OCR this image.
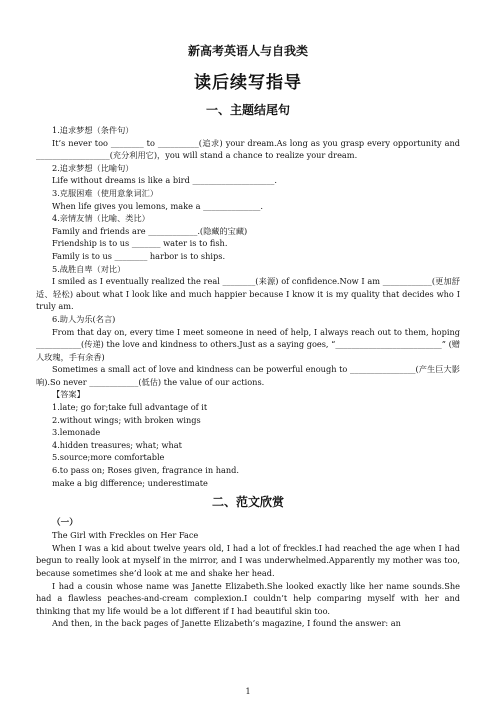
新高考英语人与自我类
读后续写指导
一、主题结尾句

1.追求梦想（条件句）

It’s never too ________ to __________(追求) your dream.As long as you grasp every opportunity and __________________(充分利用它)，you will stand a chance to realize your dream.

2.追求梦想（比喻句）

Life without dreams is like a bird ____________________.

3.克服困难（使用意象词汇）

When life gives you lemons, make a ______________.

4.亲情友情（比喻、类比）

Family and friends are ____________.(隐藏的宝藏)

Friendship is to us _______ water is to fish.

Family is to us ________ harbor is to ships.

5.战胜自卑（对比）

I smiled as I eventually realized the real ________(来源) of confidence.Now I am ____________(更加舒适、轻松) about what I look like and much happier because I know it is my quality that decides who I truly am.

6.助人为乐(名言)

From that day on, every time I meet someone in need of help, I always reach out to them, hoping ___________(传递) the love and kindness to others.Just as a saying goes, “__________________________” (赠人玫瑰，手有余香)

Sometimes a small act of love and kindness can be powerful enough to ________________(产生巨大影响).So never ____________(低估) the value of our actions.

【答案】

1.late; go for;take full advantage of it

2.without wings; with broken wings

3.lemonade

4.hidden treasures; what; what

5.source;more comfortable

6.to pass on; Roses given, fragrance in hand.

make a big difference; underestimate

二、范文欣赏
（一）

The Girl with Freckles on Her Face

When I was a kid about twelve years old, I had a lot of freckles.I had reached the age when I had begun to really look at myself in the mirror, and I was underwhelmed.Apparently my mother was too, because sometimes she’d look at me and shake her head.

I had a cousin whose name was Janette Elizabeth.She looked exactly like her name sounds.She had a flawless peaches-and-cream complexion.I couldn’t help comparing myself with her and thinking that my life would be a lot different if I had beautiful skin too.

And then, in the back pages of Janette Elizabeth’s magazine, I found the answer: an

1
